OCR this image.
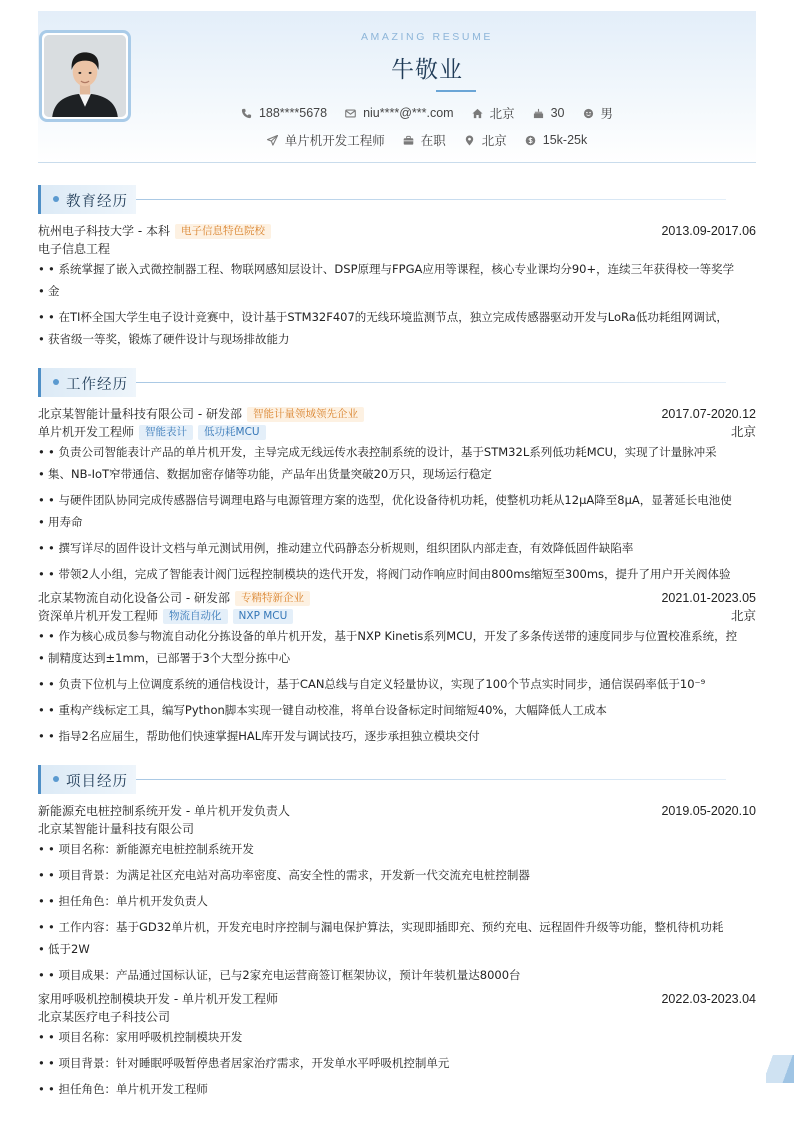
AMAZING RESUME
牛敬业
188****5678	niu****@***.com	北京	30	男
单片机开发工程师	在职	北京	15k-25k
教育经历
杭州电子科技大学 - 本科 电子信息特色院校	2013.09-2017.06
电子信息工程
• • 系统掌握了嵌入式微控制器工程、物联网感知层设计、DSP原理与FPGA应用等课程，核心专业课均分90+，连续三年获得校一等奖学
• 金
• • 在TI杯全国大学生电子设计竞赛中，设计基于STM32F407的无线环境监测节点，独立完成传感器驱动开发与LoRa低功耗组网调试，
• 获省级一等奖，锻炼了硬件设计与现场排故能力
工作经历
北京某智能计量科技有限公司 - 研发部 智能计量领域领先企业	2017.07-2020.12
单片机开发工程师 智能表计 低功耗MCU	北京
• • 负责公司智能表计产品的单片机开发，主导完成无线远传水表控制系统的设计，基于STM32L系列低功耗MCU，实现了计量脉冲采
• 集、NB-IoT窄带通信、数据加密存储等功能，产品年出货量突破20万只，现场运行稳定
• • 与硬件团队协同完成传感器信号调理电路与电源管理方案的选型，优化设备待机功耗，使整机功耗从12μA降至8μA，显著延长电池使
• 用寿命
• • 撰写详尽的固件设计文档与单元测试用例，推动建立代码静态分析规则，组织团队内部走查，有效降低固件缺陷率
• • 带领2人小组，完成了智能表计阀门远程控制模块的迭代开发，将阀门动作响应时间由800ms缩短至300ms，提升了用户开关阀体验
北京某物流自动化设备公司 - 研发部 专精特新企业	2021.01-2023.05
资深单片机开发工程师 物流自动化 NXP MCU	北京
• • 作为核心成员参与物流自动化分拣设备的单片机开发，基于NXP Kinetis系列MCU，开发了多条传送带的速度同步与位置校准系统，控
• 制精度达到±1mm，已部署于3个大型分拣中心
• • 负责下位机与上位调度系统的通信栈设计，基于CAN总线与自定义轻量协议，实现了100个节点实时同步，通信误码率低于10⁻⁹
• • 重构产线标定工具，编写Python脚本实现一键自动校准，将单台设备标定时间缩短40%，大幅降低人工成本
• • 指导2名应届生，帮助他们快速掌握HAL库开发与调试技巧，逐步承担独立模块交付
项目经历
新能源充电桩控制系统开发 - 单片机开发负责人	2019.05-2020.10
北京某智能计量科技有限公司
• • 项目名称：新能源充电桩控制系统开发
• • 项目背景：为满足社区充电站对高功率密度、高安全性的需求，开发新一代交流充电桩控制器
• • 担任角色：单片机开发负责人
• • 工作内容：基于GD32单片机，开发充电时序控制与漏电保护算法，实现即插即充、预约充电、远程固件升级等功能，整机待机功耗
• 低于2W
• • 项目成果：产品通过国标认证，已与2家充电运营商签订框架协议，预计年装机量达8000台
家用呼吸机控制模块开发 - 单片机开发工程师	2022.03-2023.04
北京某医疗电子科技公司
• • 项目名称：家用呼吸机控制模块开发
• • 项目背景：针对睡眠呼吸暂停患者居家治疗需求，开发单水平呼吸机控制单元
• • 担任角色：单片机开发工程师
